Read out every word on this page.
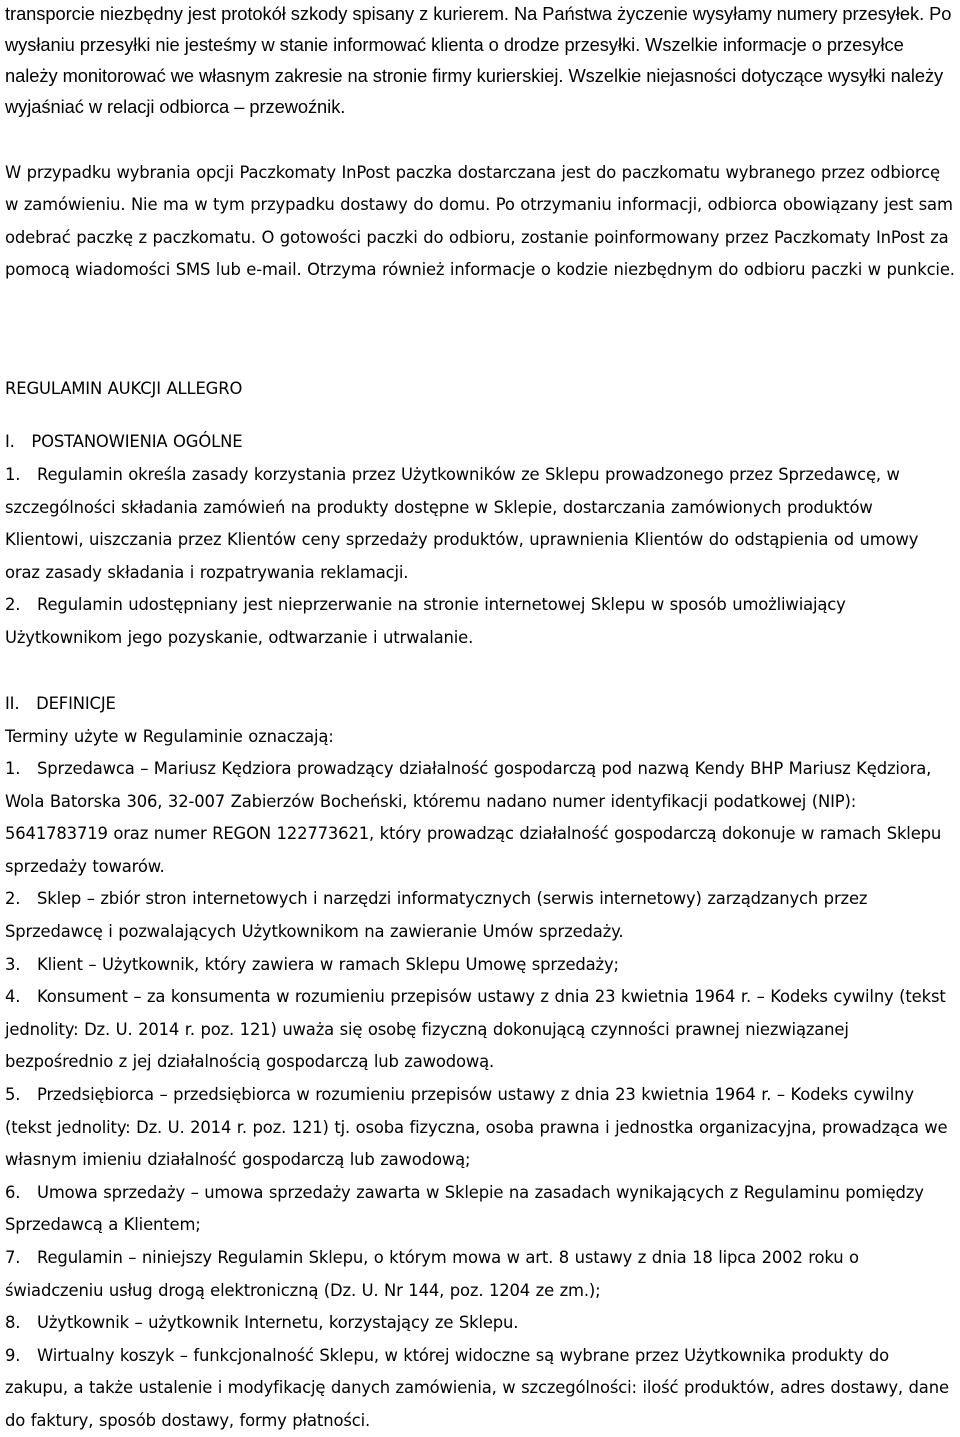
transporcie niezbędny jest protokół szkody spisany z kurierem. Na Państwa życzenie wysyłamy numery przesyłek. Po wysłaniu przesyłki nie jesteśmy w stanie informować klienta o drodze przesyłki. Wszelkie informacje o przesyłce należy monitorować we własnym zakresie na stronie firmy kurierskiej. Wszelkie niejasności dotyczące wysyłki należy wyjaśniać w relacji odbiorca – przewoźnik.

W przypadku wybrania opcji Paczkomaty InPost paczka dostarczana jest do paczkomatu wybranego przez odbiorcę w zamówieniu. Nie ma w tym przypadku dostawy do domu. Po otrzymaniu informacji, odbiorca obowiązany jest sam odebrać paczkę z paczkomatu. O gotowości paczki do odbioru, zostanie poinformowany przez Paczkomaty InPost za pomocą wiadomości SMS lub e-mail. Otrzyma również informacje o kodzie niezbędnym do odbioru paczki w punkcie.

REGULAMIN AUKCJI ALLEGRO

I.   POSTANOWIENIA OGÓLNE

1. Regulamin określa zasady korzystania przez Użytkowników ze Sklepu prowadzonego przez Sprzedawcę, w szczególności składania zamówień na produkty dostępne w Sklepie, dostarczania zamówionych produktów Klientowi, uiszczania przez Klientów ceny sprzedaży produktów, uprawnienia Klientów do odstąpienia od umowy oraz zasady składania i rozpatrywania reklamacji.

2. Regulamin udostępniany jest nieprzerwanie na stronie internetowej Sklepu w sposób umożliwiający Użytkownikom jego pozyskanie, odtwarzanie i utrwalanie.

II.   DEFINICJE

Terminy użyte w Regulaminie oznaczają:

1. Sprzedawca – Mariusz Kędziora prowadzący działalność gospodarczą pod nazwą Kendy BHP Mariusz Kędziora, Wola Batorska 306, 32-007 Zabierzów Bocheński, któremu nadano numer identyfikacji podatkowej (NIP): 5641783719 oraz numer REGON 122773621, który prowadząc działalność gospodarczą dokonuje w ramach Sklepu sprzedaży towarów.

2. Sklep – zbiór stron internetowych i narzędzi informatycznych (serwis internetowy) zarządzanych przez Sprzedawcę i pozwalających Użytkownikom na zawieranie Umów sprzedaży.

3. Klient – Użytkownik, który zawiera w ramach Sklepu Umowę sprzedaży;

4. Konsument – za konsumenta w rozumieniu przepisów ustawy z dnia 23 kwietnia 1964 r. – Kodeks cywilny (tekst jednolity: Dz. U. 2014 r. poz. 121) uważa się osobę fizyczną dokonującą czynności prawnej niezwiązanej bezpośrednio z jej działalnością gospodarczą lub zawodową.

5. Przedsiębiorca – przedsiębiorca w rozumieniu przepisów ustawy z dnia 23 kwietnia 1964 r. – Kodeks cywilny (tekst jednolity: Dz. U. 2014 r. poz. 121) tj. osoba fizyczna, osoba prawna i jednostka organizacyjna, prowadząca we własnym imieniu działalność gospodarczą lub zawodową;

6. Umowa sprzedaży – umowa sprzedaży zawarta w Sklepie na zasadach wynikających z Regulaminu pomiędzy Sprzedawcą a Klientem;

7. Regulamin – niniejszy Regulamin Sklepu, o którym mowa w art. 8 ustawy z dnia 18 lipca 2002 roku o świadczeniu usług drogą elektroniczną (Dz. U. Nr 144, poz. 1204 ze zm.);

8. Użytkownik – użytkownik Internetu, korzystający ze Sklepu.

9. Wirtualny koszyk – funkcjonalność Sklepu, w której widoczne są wybrane przez Użytkownika produkty do zakupu, a także ustalenie i modyfikację danych zamówienia, w szczególności: ilość produktów, adres dostawy, dane do faktury, sposób dostawy, formy płatności.
